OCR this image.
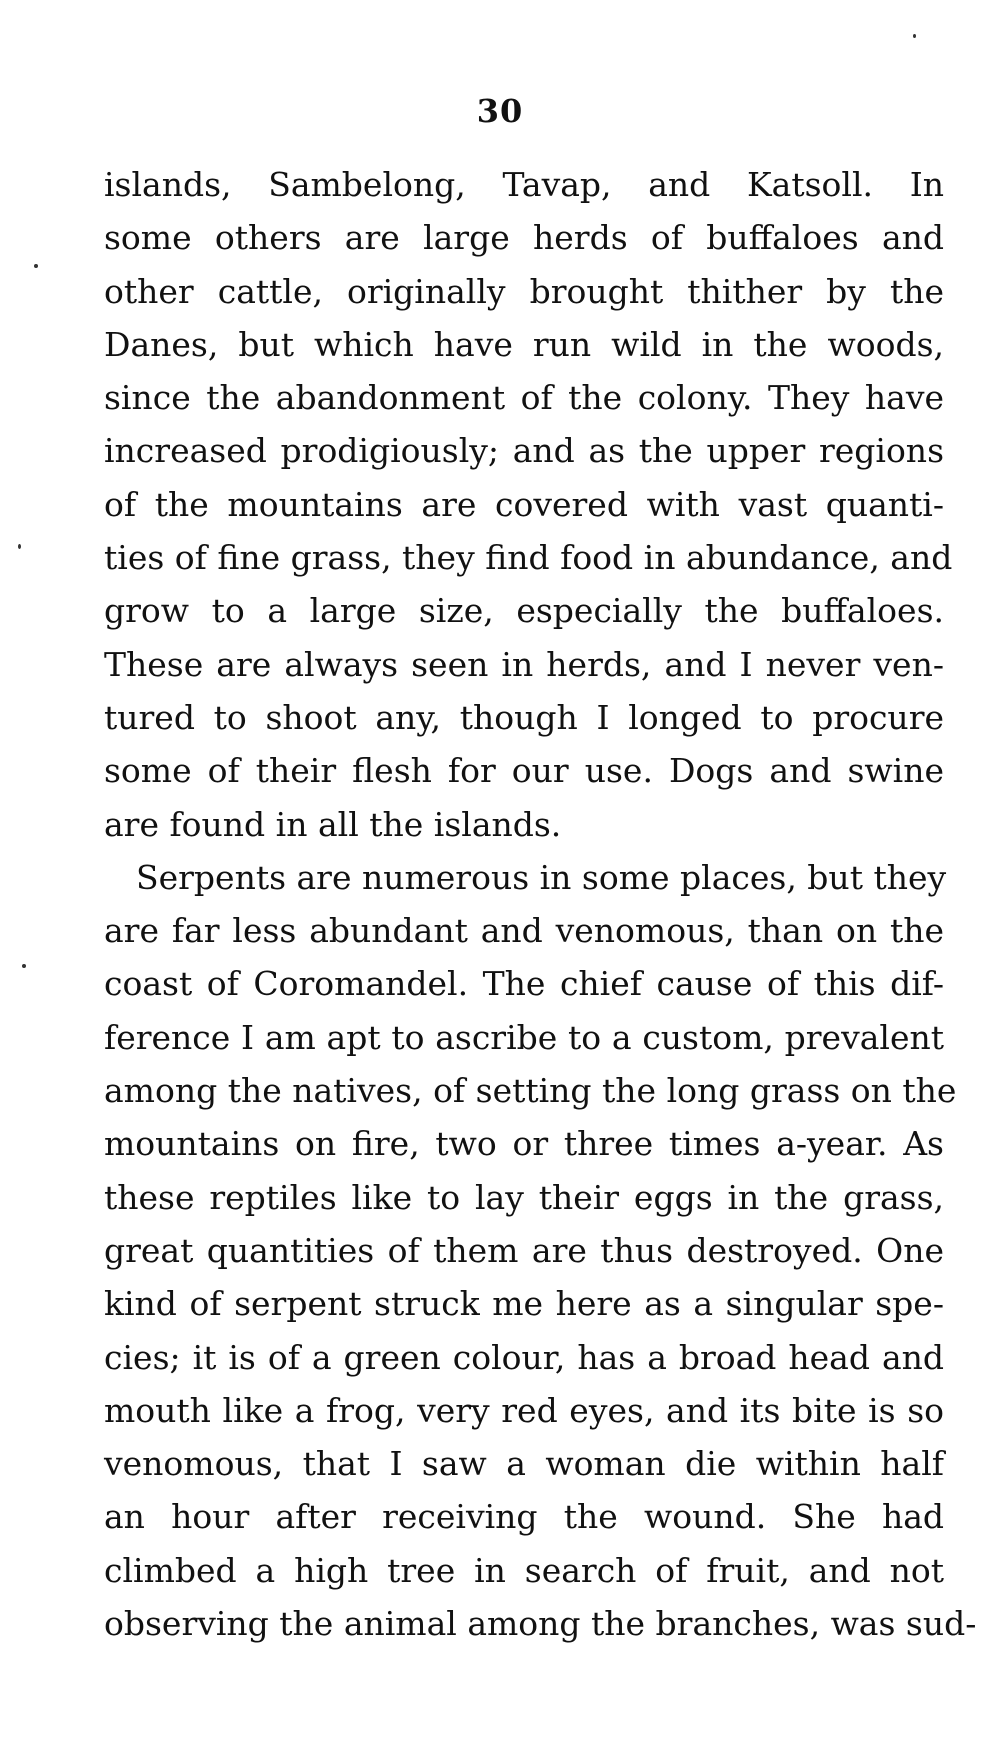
30
islands, Sambelong, Tavap, and Katsoll. In
some others are large herds of buffaloes and
other cattle, originally brought thither by the
Danes, but which have run wild in the woods,
since the abandonment of the colony. They have
increased prodigiously; and as the upper regions
of the mountains are covered with vast quanti-
ties of fine grass, they find food in abundance, and
grow to a large size, especially the buffaloes.
These are always seen in herds, and I never ven-
tured to shoot any, though I longed to procure
some of their flesh for our use. Dogs and swine
are found in all the islands.
Serpents are numerous in some places, but they
are far less abundant and venomous, than on the
coast of Coromandel. The chief cause of this dif-
ference I am apt to ascribe to a custom, prevalent
among the natives, of setting the long grass on the
mountains on fire, two or three times a-year. As
these reptiles like to lay their eggs in the grass,
great quantities of them are thus destroyed. One
kind of serpent struck me here as a singular spe-
cies; it is of a green colour, has a broad head and
mouth like a frog, very red eyes, and its bite is so
venomous, that I saw a woman die within half
an hour after receiving the wound. She had
climbed a high tree in search of fruit, and not
observing the animal among the branches, was sud-
